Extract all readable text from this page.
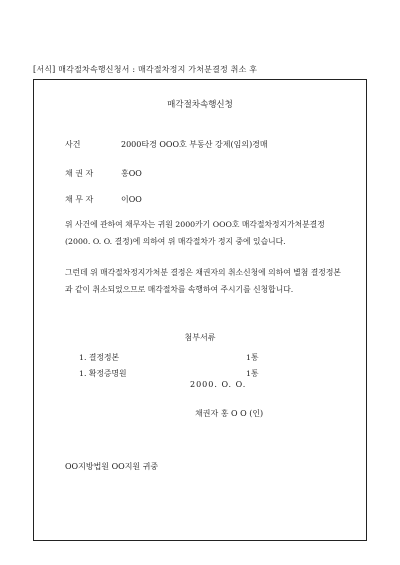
[서식] 매각절차속행신청서 : 매각절차정지 가처분결정 취소 후
매각절차속행신청
사건	2000타경 OOO호 부동산 강제(임의)경매
채 권 자	홍OO
채 무 자	이OO
위 사건에 관하여 채무자는 귀원 2000카기 OOO호 매각절차정지가처분결정
(2000. O. O. 결정)에 의하여 위 매각절차가 정지 중에 있습니다.
그런데 위 매각절차정지가처분 결정은 채권자의 취소신청에 의하여 별첨 결정정본
과 같이 취소되었으므로 매각절차를 속행하여 주시기를 신청합니다.
첨부서류
1. 결정정본	1통
1. 확정증명원	1통
2000. O. O.
채권자 홍 O O (인)
OO지방법원 OO지원 귀중
